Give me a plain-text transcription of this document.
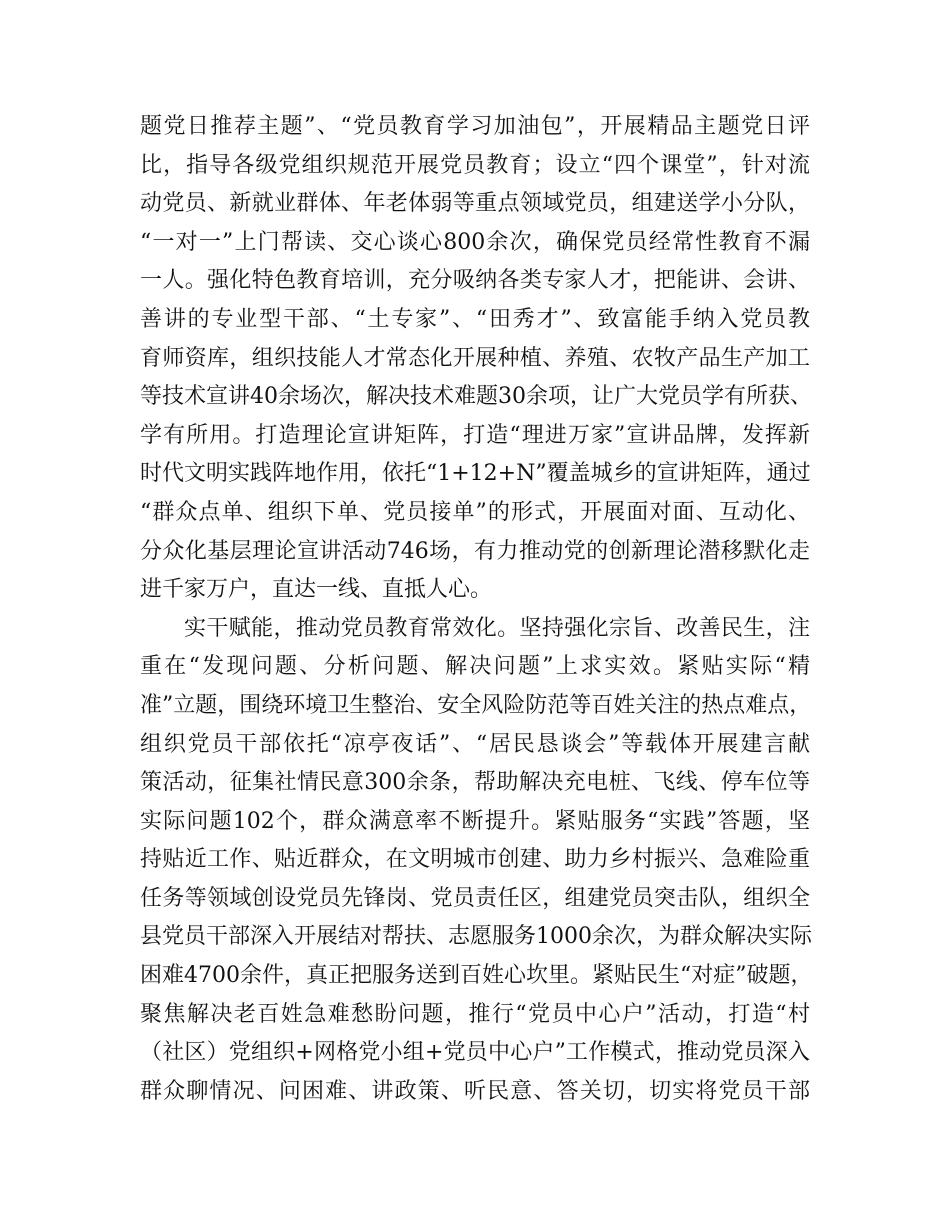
题党日推荐主题”、“党员教育学习加油包”，开展精品主题党日评
比，指导各级党组织规范开展党员教育；设立“四个课堂”，针对流
动党员、新就业群体、年老体弱等重点领域党员，组建送学小分队，
“一对一”上门帮读、交心谈心800余次，确保党员经常性教育不漏
一人。强化特色教育培训，充分吸纳各类专家人才，把能讲、会讲、
善讲的专业型干部、“土专家”、“田秀才”、致富能手纳入党员教
育师资库，组织技能人才常态化开展种植、养殖、农牧产品生产加工
等技术宣讲40余场次，解决技术难题30余项，让广大党员学有所获、
学有所用。打造理论宣讲矩阵，打造“理进万家”宣讲品牌，发挥新
时代文明实践阵地作用，依托“1+12+N”覆盖城乡的宣讲矩阵，通过
“群众点单、组织下单、党员接单”的形式，开展面对面、互动化、
分众化基层理论宣讲活动746场，有力推动党的创新理论潜移默化走
进千家万户，直达一线、直抵人心。
实干赋能，推动党员教育常效化。坚持强化宗旨、改善民生，注
重在“发现问题、分析问题、解决问题”上求实效。紧贴实际“精
准”立题，围绕环境卫生整治、安全风险防范等百姓关注的热点难点，
组织党员干部依托“凉亭夜话”、“居民恳谈会”等载体开展建言献
策活动，征集社情民意300余条，帮助解决充电桩、飞线、停车位等
实际问题102个，群众满意率不断提升。紧贴服务“实践”答题，坚
持贴近工作、贴近群众，在文明城市创建、助力乡村振兴、急难险重
任务等领域创设党员先锋岗、党员责任区，组建党员突击队，组织全
县党员干部深入开展结对帮扶、志愿服务1000余次，为群众解决实际
困难4700余件，真正把服务送到百姓心坎里。紧贴民生“对症”破题，
聚焦解决老百姓急难愁盼问题，推行“党员中心户”活动，打造“村
（社区）党组织+网格党小组+党员中心户”工作模式，推动党员深入
群众聊情况、问困难、讲政策、听民意、答关切，切实将党员干部
